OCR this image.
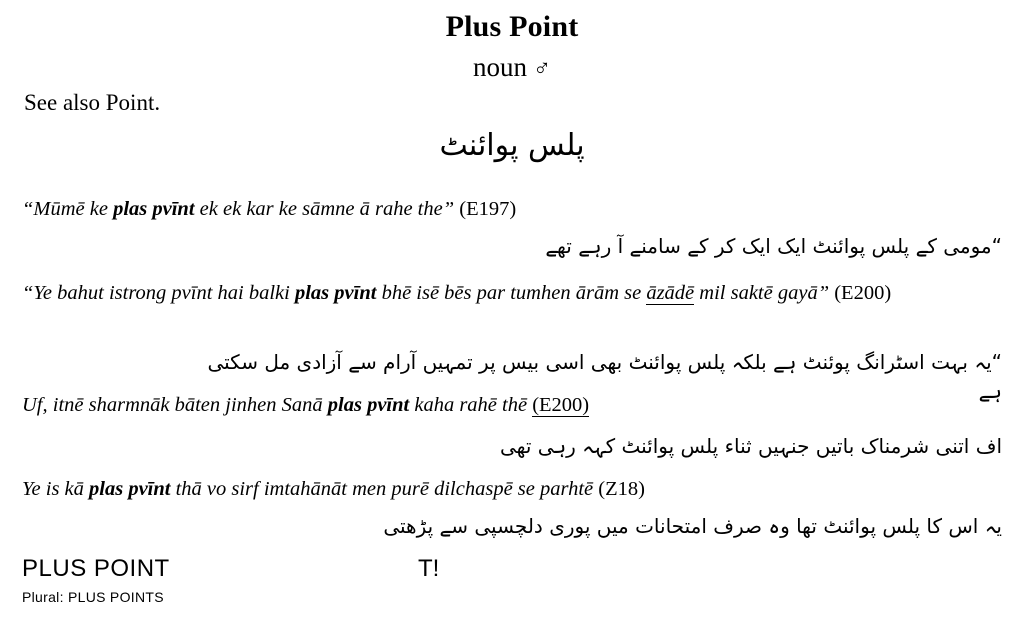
Plus Point
noun ♂
See also Point.
پلس پوائنٹ
“Mūmē ke plas pvīnt ek ek kar ke sāmne ā rahe the” (E197)
“مومی کے پلس پوائنٹ ایک ایک کر کے سامنے آ رہے تھے
“Ye bahut istrong pvīnt hai balki plas pvīnt bhē isē bēs par tumhen ārām se āzādē mil saktē gayā” (E200)
“یہ بہت اسٹرانگ پوئنٹ ہے بلکہ پلس پوائنٹ بھی اسی بیس پر تمہیں آرام سے آزادی مل سکتی ہے
Uf, itnē sharmnāk bāten jinhen Sanā plas pvīnt kaha rahē thē (E200)
اف اتنی شرمناک باتیں جنہیں ثناء پلس پوائنٹ کہہ رہی تھی
Ye is kā plas pvīnt thā vo sirf imtahānāt men purē dilchaspē se parhtē (Z18)
یہ اس کا پلس پوائنٹ تھا وہ صرف امتحانات میں پوری دلچسپی سے پڑھتی
PLUS POINT	T!
Plural: PLUS POINTS
